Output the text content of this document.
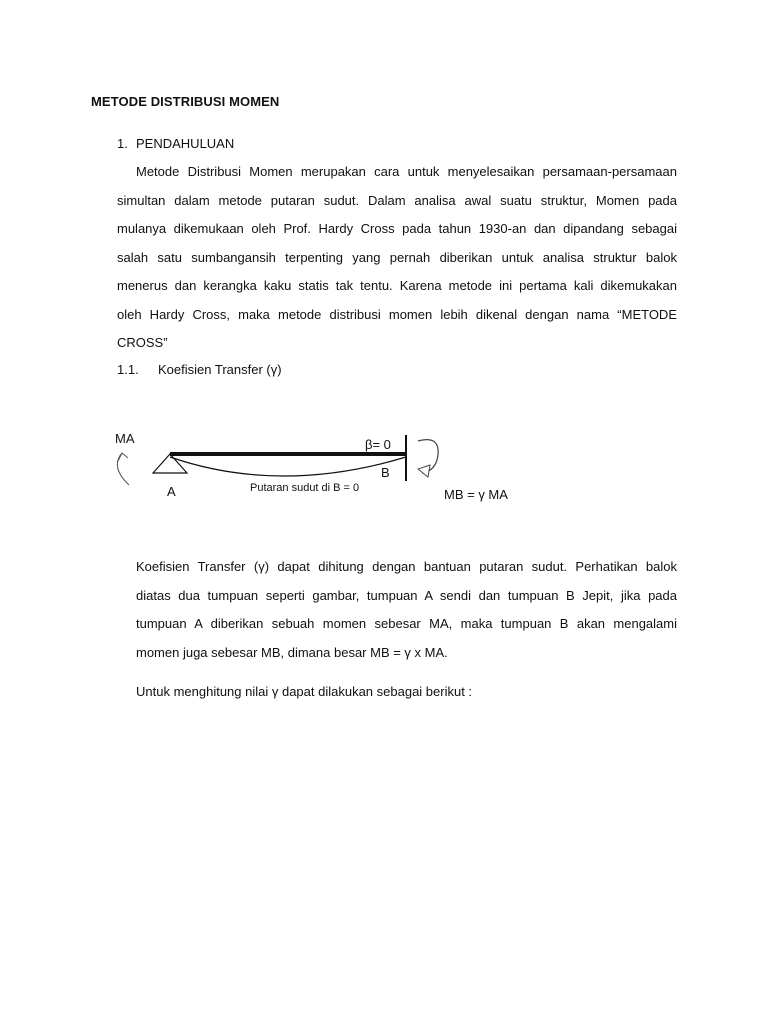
METODE DISTRIBUSI MOMEN
1. PENDAHULUAN
Metode Distribusi Momen merupakan cara untuk menyelesaikan persamaan-persamaan
simultan dalam metode putaran sudut. Dalam analisa awal suatu struktur, Momen pada
mulanya dikemukaan oleh Prof. Hardy Cross pada tahun 1930-an dan dipandang sebagai
salah satu sumbangansih terpenting yang pernah diberikan untuk analisa struktur balok
menerus dan kerangka kaku statis tak tentu. Karena metode ini pertama kali dikemukakan
oleh Hardy Cross, maka metode distribusi momen lebih dikenal dengan nama “METODE
CROSS”
1.1. Koefisien Transfer (γ)
MA	β= 0
B
A	Putaran sudut di B = 0	MB = γ MA
Koefisien Transfer (γ) dapat dihitung dengan bantuan putaran sudut. Perhatikan balok
diatas dua tumpuan seperti gambar, tumpuan A sendi dan tumpuan B Jepit, jika pada
tumpuan A diberikan sebuah momen sebesar MA, maka tumpuan B akan mengalami
momen juga sebesar MB, dimana besar MB = γ x MA.
Untuk menghitung nilai γ dapat dilakukan sebagai berikut :
